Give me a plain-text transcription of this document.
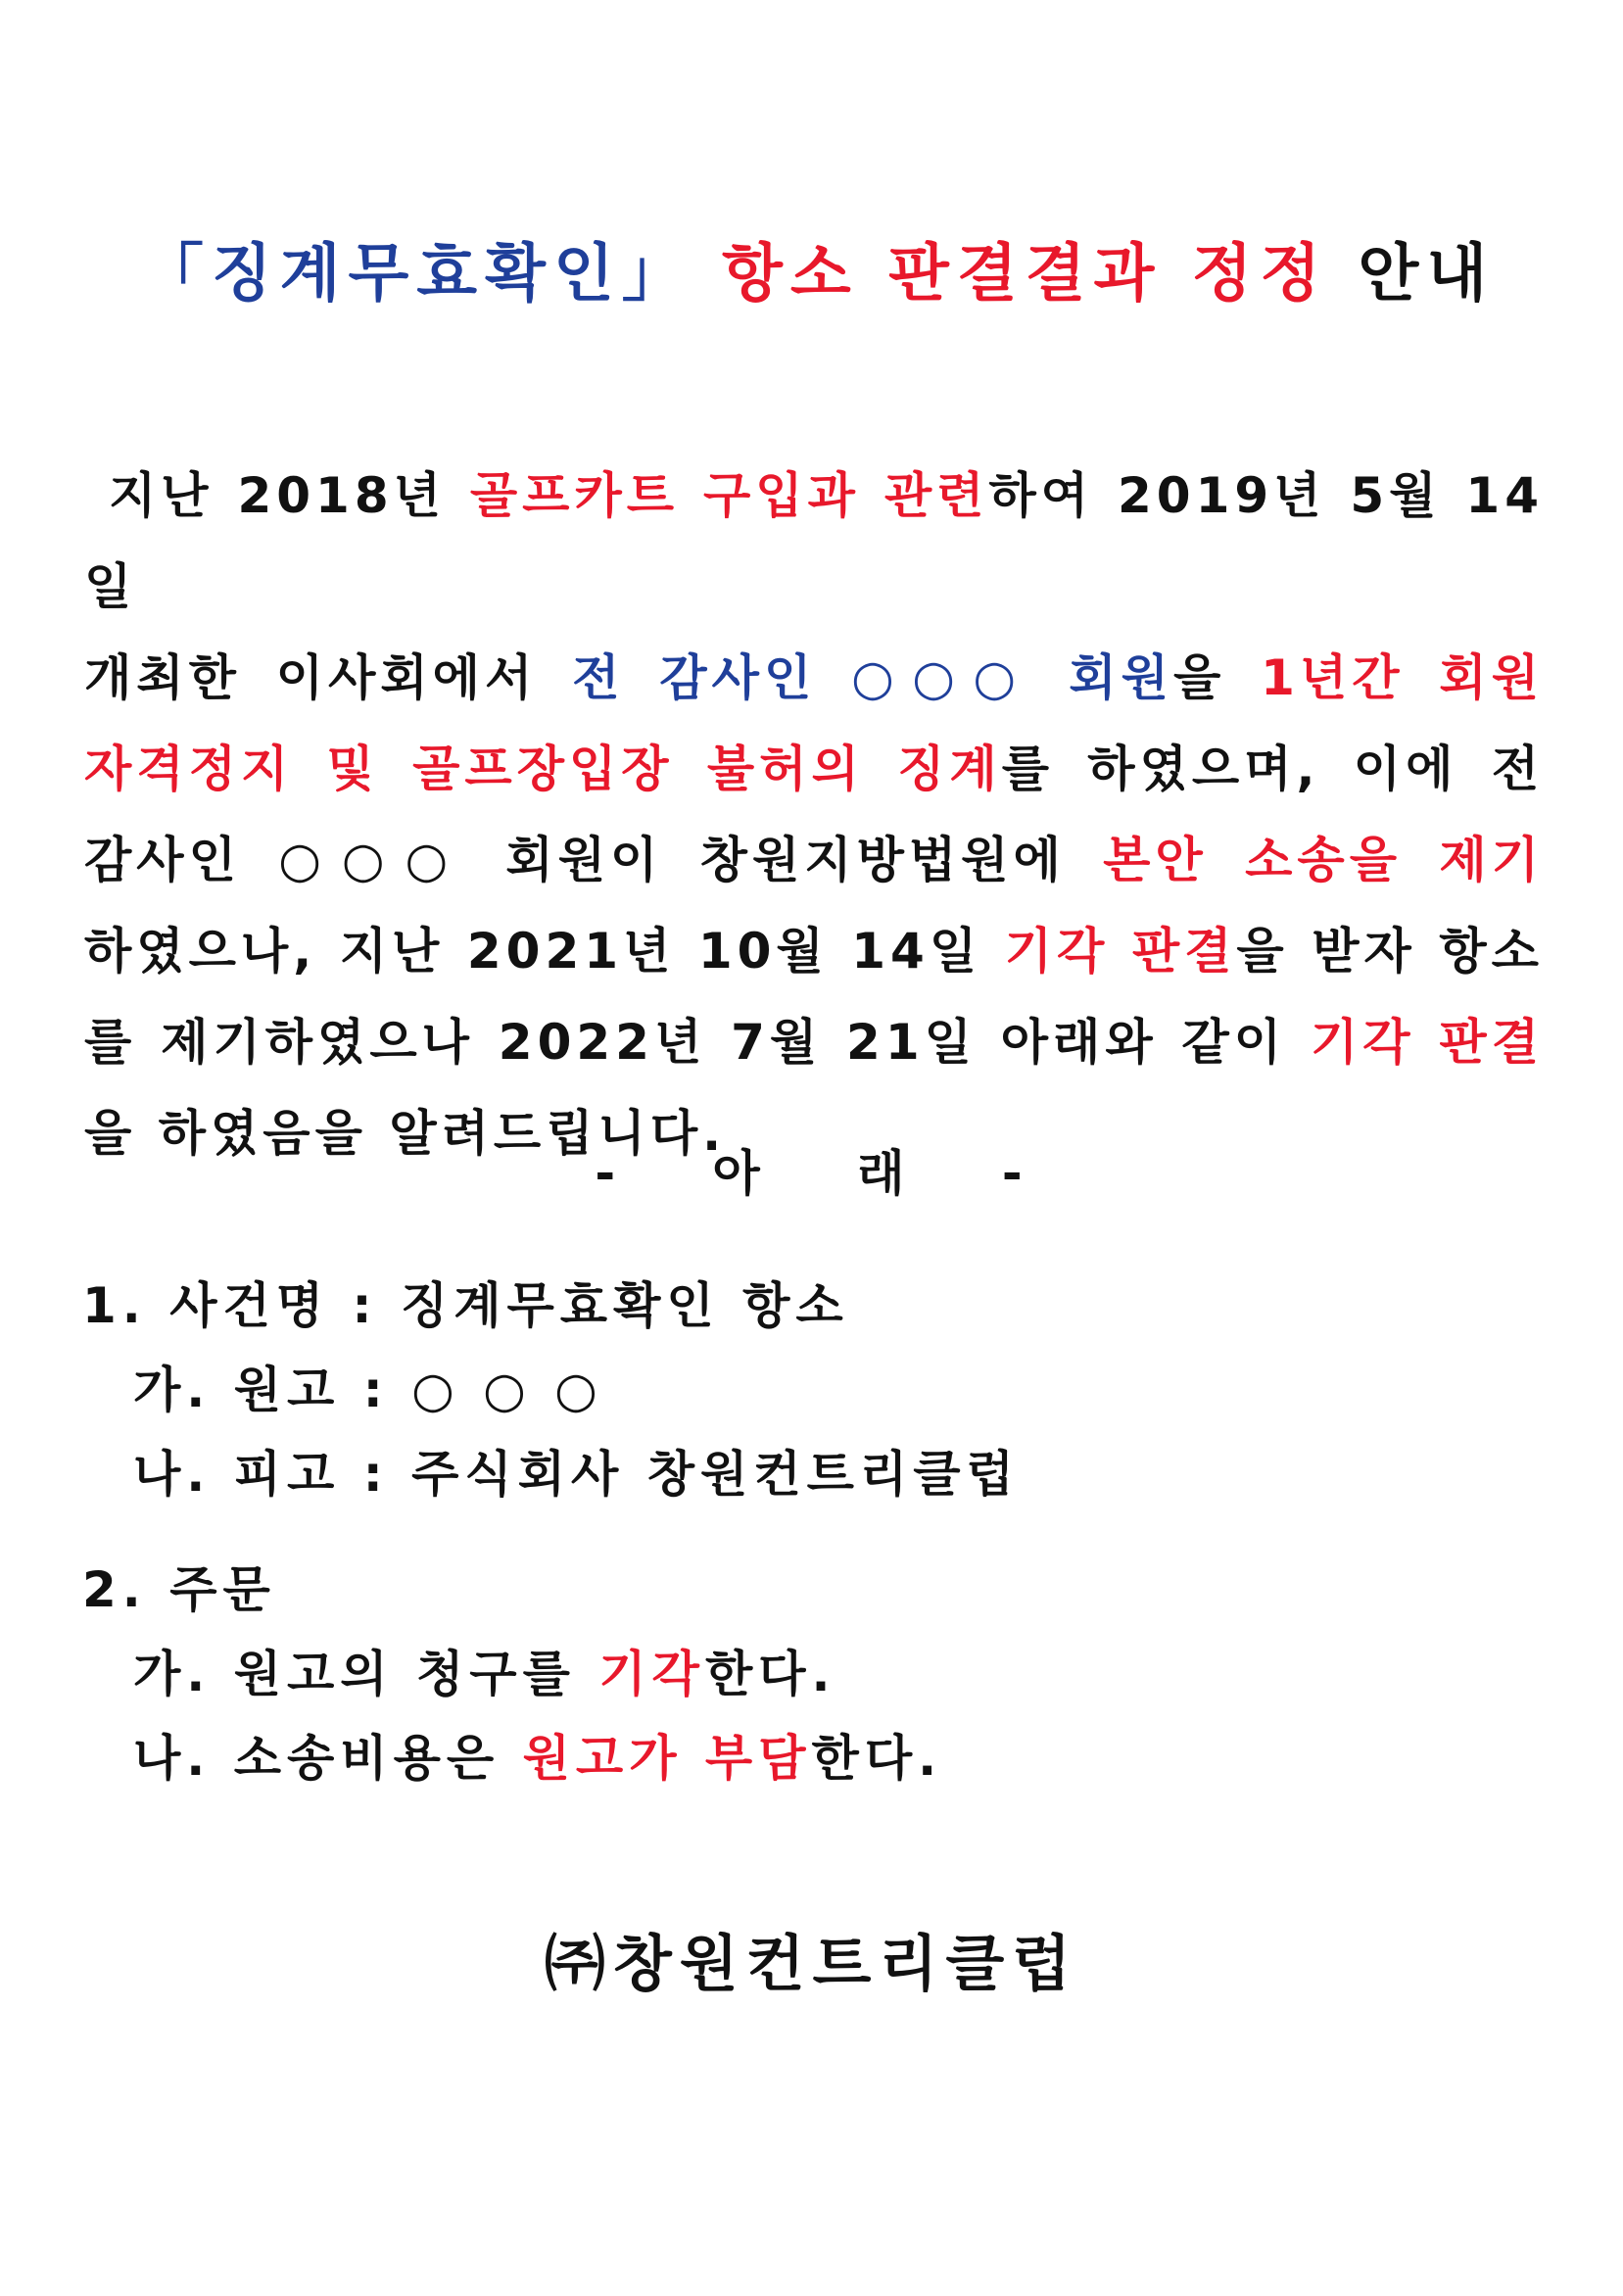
「징계무효확인」 항소 판결결과 정정 안내
지난 2018년 골프카트 구입과 관련하여 2019년 5월 14일
개최한 이사회에서 전 감사인 ○○○ 회원을 1년간 회원
자격정지 및 골프장입장 불허의 징계를 하였으며, 이에 전
감사인 ○○○ 회원이 창원지방법원에 본안 소송을 제기
하였으나, 지난 2021년 10월 14일 기각 판결을 받자 항소
를 제기하였으나 2022년 7월 21일 아래와 같이 기각 판결
을 하였음을 알려드립니다.
- 아 래 -
1. 사건명 : 징계무효확인 항소
가. 원고 : ○ ○ ○
나. 피고 : 주식회사 창원컨트리클럽
2. 주문
가. 원고의 청구를 기각한다.
나. 소송비용은 원고가 부담한다.
㈜창원컨트리클럽
